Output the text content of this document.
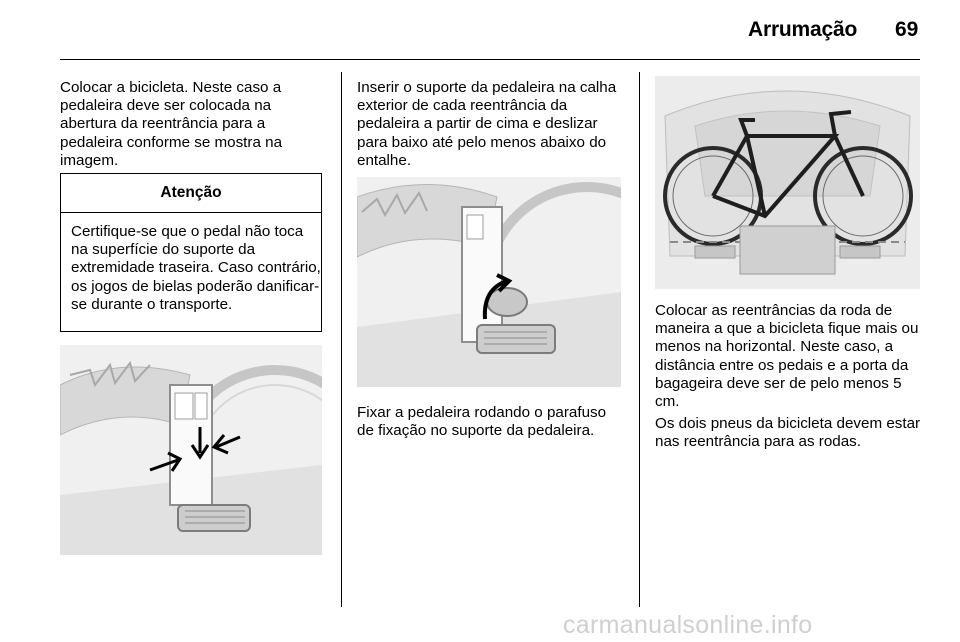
Arrumação 69
Colocar a bicicleta. Neste caso a pedaleira deve ser colocada na abertura da reentrância para a pedaleira conforme se mostra na imagem.
Atenção
Certifique-se que o pedal não toca na superfície do suporte da extremidade traseira. Caso contrário, os jogos de bielas poderão danificar-se durante o transporte.
Inserir o suporte da pedaleira na calha exterior de cada reentrância da pedaleira a partir de cima e deslizar para baixo até pelo menos abaixo do entalhe.
Fixar a pedaleira rodando o parafuso de fixação no suporte da pedaleira.
Colocar as reentrâncias da roda de maneira a que a bicicleta fique mais ou menos na horizontal. Neste caso, a distância entre os pedais e a porta da bagageira deve ser de pelo menos 5 cm.
Os dois pneus da bicicleta devem estar nas reentrância para as rodas.
carmanualsonline.info
